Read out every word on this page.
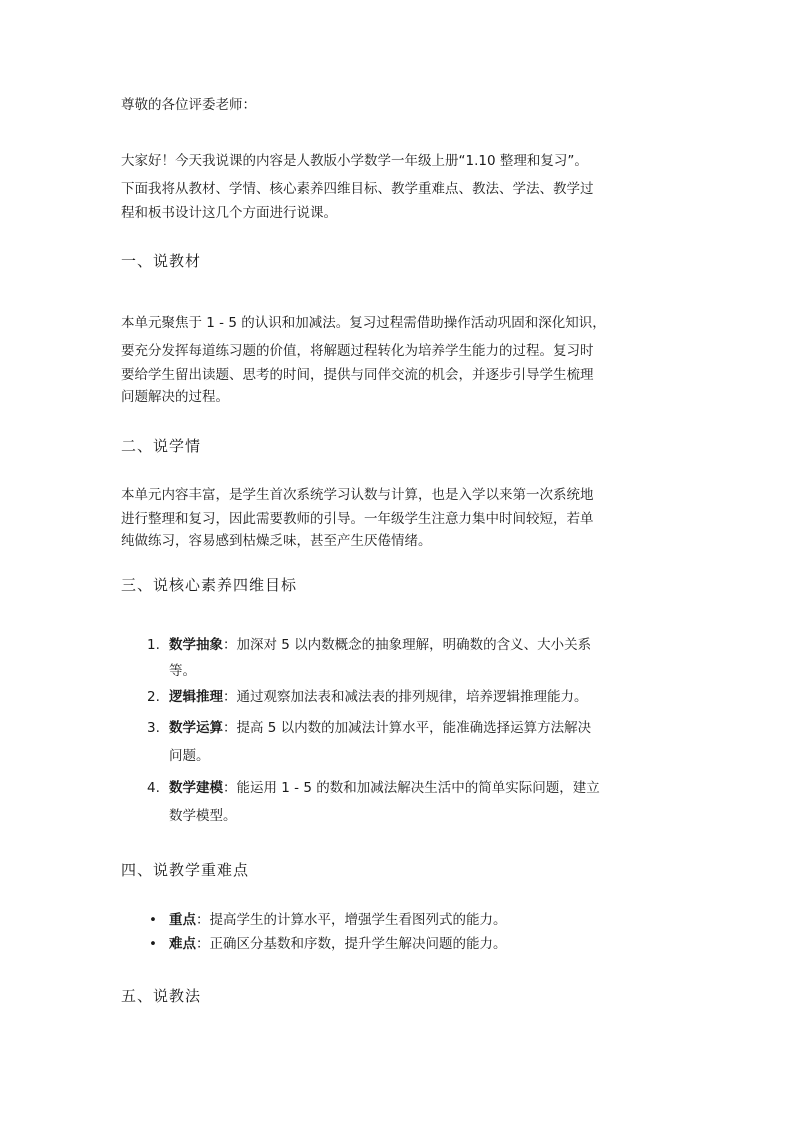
尊敬的各位评委老师：

大家好！今天我说课的内容是人教版小学数学一年级上册“1.10 整理和复习”。

下面我将从教材、学情、核心素养四维目标、教学重难点、教法、学法、教学过

程和板书设计这几个方面进行说课。

一、说教材

本单元聚焦于 1 - 5 的认识和加减法。复习过程需借助操作活动巩固和深化知识，

要充分发挥每道练习题的价值，将解题过程转化为培养学生能力的过程。复习时

要给学生留出读题、思考的时间，提供与同伴交流的机会，并逐步引导学生梳理

问题解决的过程。

二、说学情

本单元内容丰富，是学生首次系统学习认数与计算，也是入学以来第一次系统地

进行整理和复习，因此需要教师的引导。一年级学生注意力集中时间较短，若单

纯做练习，容易感到枯燥乏味，甚至产生厌倦情绪。

三、说核心素养四维目标
1. 数学抽象：加深对 5 以内数概念的抽象理解，明确数的含义、大小关系
等。
2. 逻辑推理：通过观察加法表和减法表的排列规律，培养逻辑推理能力。
3. 数学运算：提高 5 以内数的加减法计算水平，能准确选择运算方法解决
问题。
4. 数学建模：能运用 1 - 5 的数和加减法解决生活中的简单实际问题，建立
数学模型。
四、说教学重难点
• 重点：提高学生的计算水平，增强学生看图列式的能力。
• 难点：正确区分基数和序数，提升学生解决问题的能力。
五、说教法
